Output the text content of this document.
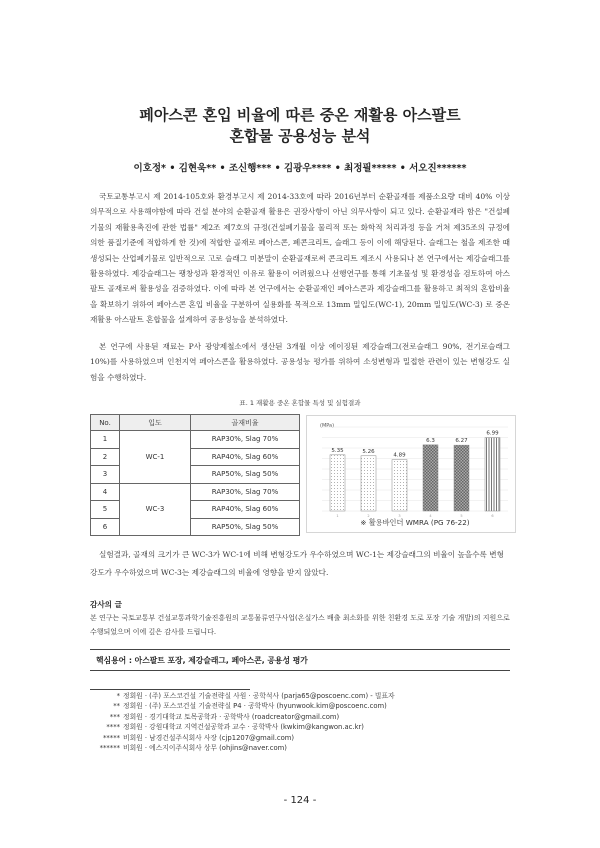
페아스콘 혼입 비율에 따른 중온 재활용 아스팔트
혼합물 공용성능 분석
이호정* • 김현욱** • 조신행*** • 김광우**** • 최정필***** • 서오진******

국토교통부고시 제 2014-105호와 환경부고시 제 2014-33호에 따라 2016년부터 순환골재를 제품소요량 대비 40% 이상 의무적으로 사용해야함에 따라 건설 분야의 순환골재 활용은 권장사항이 아닌 의무사항이 되고 있다. 순환골재라 함은 "건설폐기물의 재활용촉진에 관한 법률" 제2조 제7호의 규정(건설폐기물을 물리적 또는 화학적 처리과정 등을 거쳐 제35조의 규정에 의한 품질기준에 적합하게 한 것)에 적합한 골재로 페아스콘, 폐콘크리트, 슬래그 등이 이에 해당된다. 슬래그는 철을 제조한 때 생성되는 산업폐기물로 일반적으로 고로 슬래그 미분말이 순환골재로써 콘크리트 제조시 사용되나 본 연구에서는 제강슬래그를 활용하였다. 제강슬래그는 팽창성과 환경적인 이유로 활용이 어려웠으나 선행연구를 통해 기초물성 및 환경성을 검토하여 아스팔트 골재로써 활용성을 검증하였다. 이에 따라 본 연구에서는 순환골재인 페아스콘과 제강슬래그를 활용하고 최적의 혼합비율을 확보하기 위하여 페아스콘 혼입 비율을 구분하여 실용화를 목적으로 13mm 밀입도(WC-1), 20mm 밀입도(WC-3) 로 중온 재활용 아스팔트 혼합물을 설계하여 공용성능을 분석하였다.

본 연구에 사용된 재료는 P사 광양제철소에서 생산된 3개월 이상 에이징된 제강슬래그(전로슬래그 90%, 전기로슬래그 10%)를 사용하였으며 인천지역 페아스콘을 활용하였다. 공용성능 평가를 위하여 소성변형과 밀접한 관련이 있는 변형강도 실험을 수행하였다.

표. 1 재활용 중온 혼합물 특성 및 실험결과
No.	입도	골재비율
1	WC-1	RAP30%, Slag 70%
2		RAP40%, Slag 60%
3		RAP50%, Slag 50%
4	WC-3	RAP30%, Slag 70%
5		RAP40%, Slag 60%
6		RAP50%, Slag 50%
(MPa)
5.35	5.26
4.89
6.3	6.27
6.99
1	2	3	4	5	6
※ 활용바인더 WMRA (PG 76-22)

실험결과, 골재의 크기가 큰 WC-3가 WC-1에 비해 변형강도가 우수하였으며 WC-1는 제강슬래그의 비율이 높을수록 변형강도가 우수하였으며 WC-3는 제강슬래그의 비율에 영향을 받지 않았다.

감사의 글
본 연구는 국토교통부 건설교통과학기술진흥원의 교통물류연구사업(온실가스 배출 최소화를 위한 친환경 도로 포장 기술 개발)의 지원으로 수행되었으며 이에 깊은 감사를 드립니다.
핵심용어 : 아스팔트 포장, 제강슬래그, 페아스콘, 공용성 평가
* 정회원 · (주) 포스코건설 기술전략실 사원 · 공학석사 (parja65@poscoenc.com) - 빌표자
** 정회원 · (주) 포스코건설 기술전략실 P4 · 공학박사 (hyunwook.kim@poscoenc.com)
*** 정회원 · 경기대학교 토목공학과 · 공학박사 (roadcreator@gmail.com)
**** 정회원 · 강원대학교 지역건설공학과 교수 · 공학박사 (kwkim@kangwon.ac.kr)
***** 비회원 · 남경건설주식회사 사장 (cjp1207@gmail.com)
****** 비회원 · 에스지이주식회사 상무 (ohjins@naver.com)
- 124 -
